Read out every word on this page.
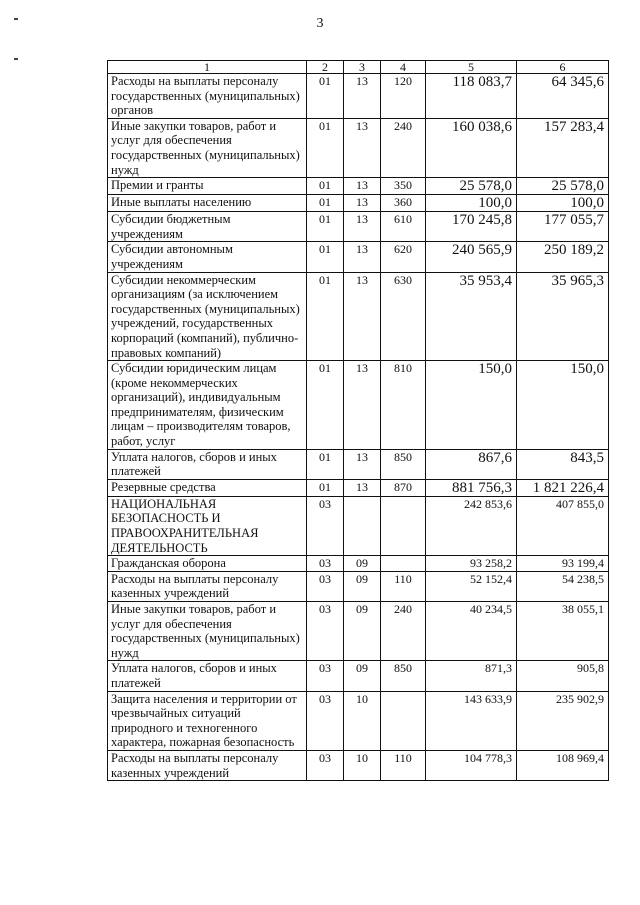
3
1	2	3	4	5	6
Расходы на выплаты персоналу государственных (муниципальных) органов	01	13	120	118 083,7	64 345,6
Иные закупки товаров, работ и услуг для обеспечения государственных (муниципальных) нужд	01	13	240	160 038,6	157 283,4
Премии и гранты	01	13	350	25 578,0	25 578,0
Иные выплаты населению	01	13	360	100,0	100,0
Субсидии бюджетным учреждениям	01	13	610	170 245,8	177 055,7
Субсидии автономным учреждениям	01	13	620	240 565,9	250 189,2
Субсидии некоммерческим организациям (за исключением государственных (муниципальных) учреждений, государственных корпораций (компаний), публично-правовых компаний)	01	13	630	35 953,4	35 965,3
Субсидии юридическим лицам (кроме некоммерческих организаций), индивидуальным предпринимателям, физическим лицам – производителям товаров, работ, услуг	01	13	810	150,0	150,0
Уплата налогов, сборов и иных платежей	01	13	850	867,6	843,5
Резервные средства	01	13	870	881 756,3	1 821 226,4
НАЦИОНАЛЬНАЯ БЕЗОПАСНОСТЬ И ПРАВООХРАНИТЕЛЬНАЯ ДЕЯТЕЛЬНОСТЬ	03			242 853,6	407 855,0
Гражданская оборона	03	09		93 258,2	93 199,4
Расходы на выплаты персоналу казенных учреждений	03	09	110	52 152,4	54 238,5
Иные закупки товаров, работ и услуг для обеспечения государственных (муниципальных) нужд	03	09	240	40 234,5	38 055,1
Уплата налогов, сборов и иных платежей	03	09	850	871,3	905,8
Защита населения и территории от чрезвычайных ситуаций природного и техногенного характера, пожарная безопасность	03	10		143 633,9	235 902,9
Расходы на выплаты персоналу казенных учреждений	03	10	110	104 778,3	108 969,4
